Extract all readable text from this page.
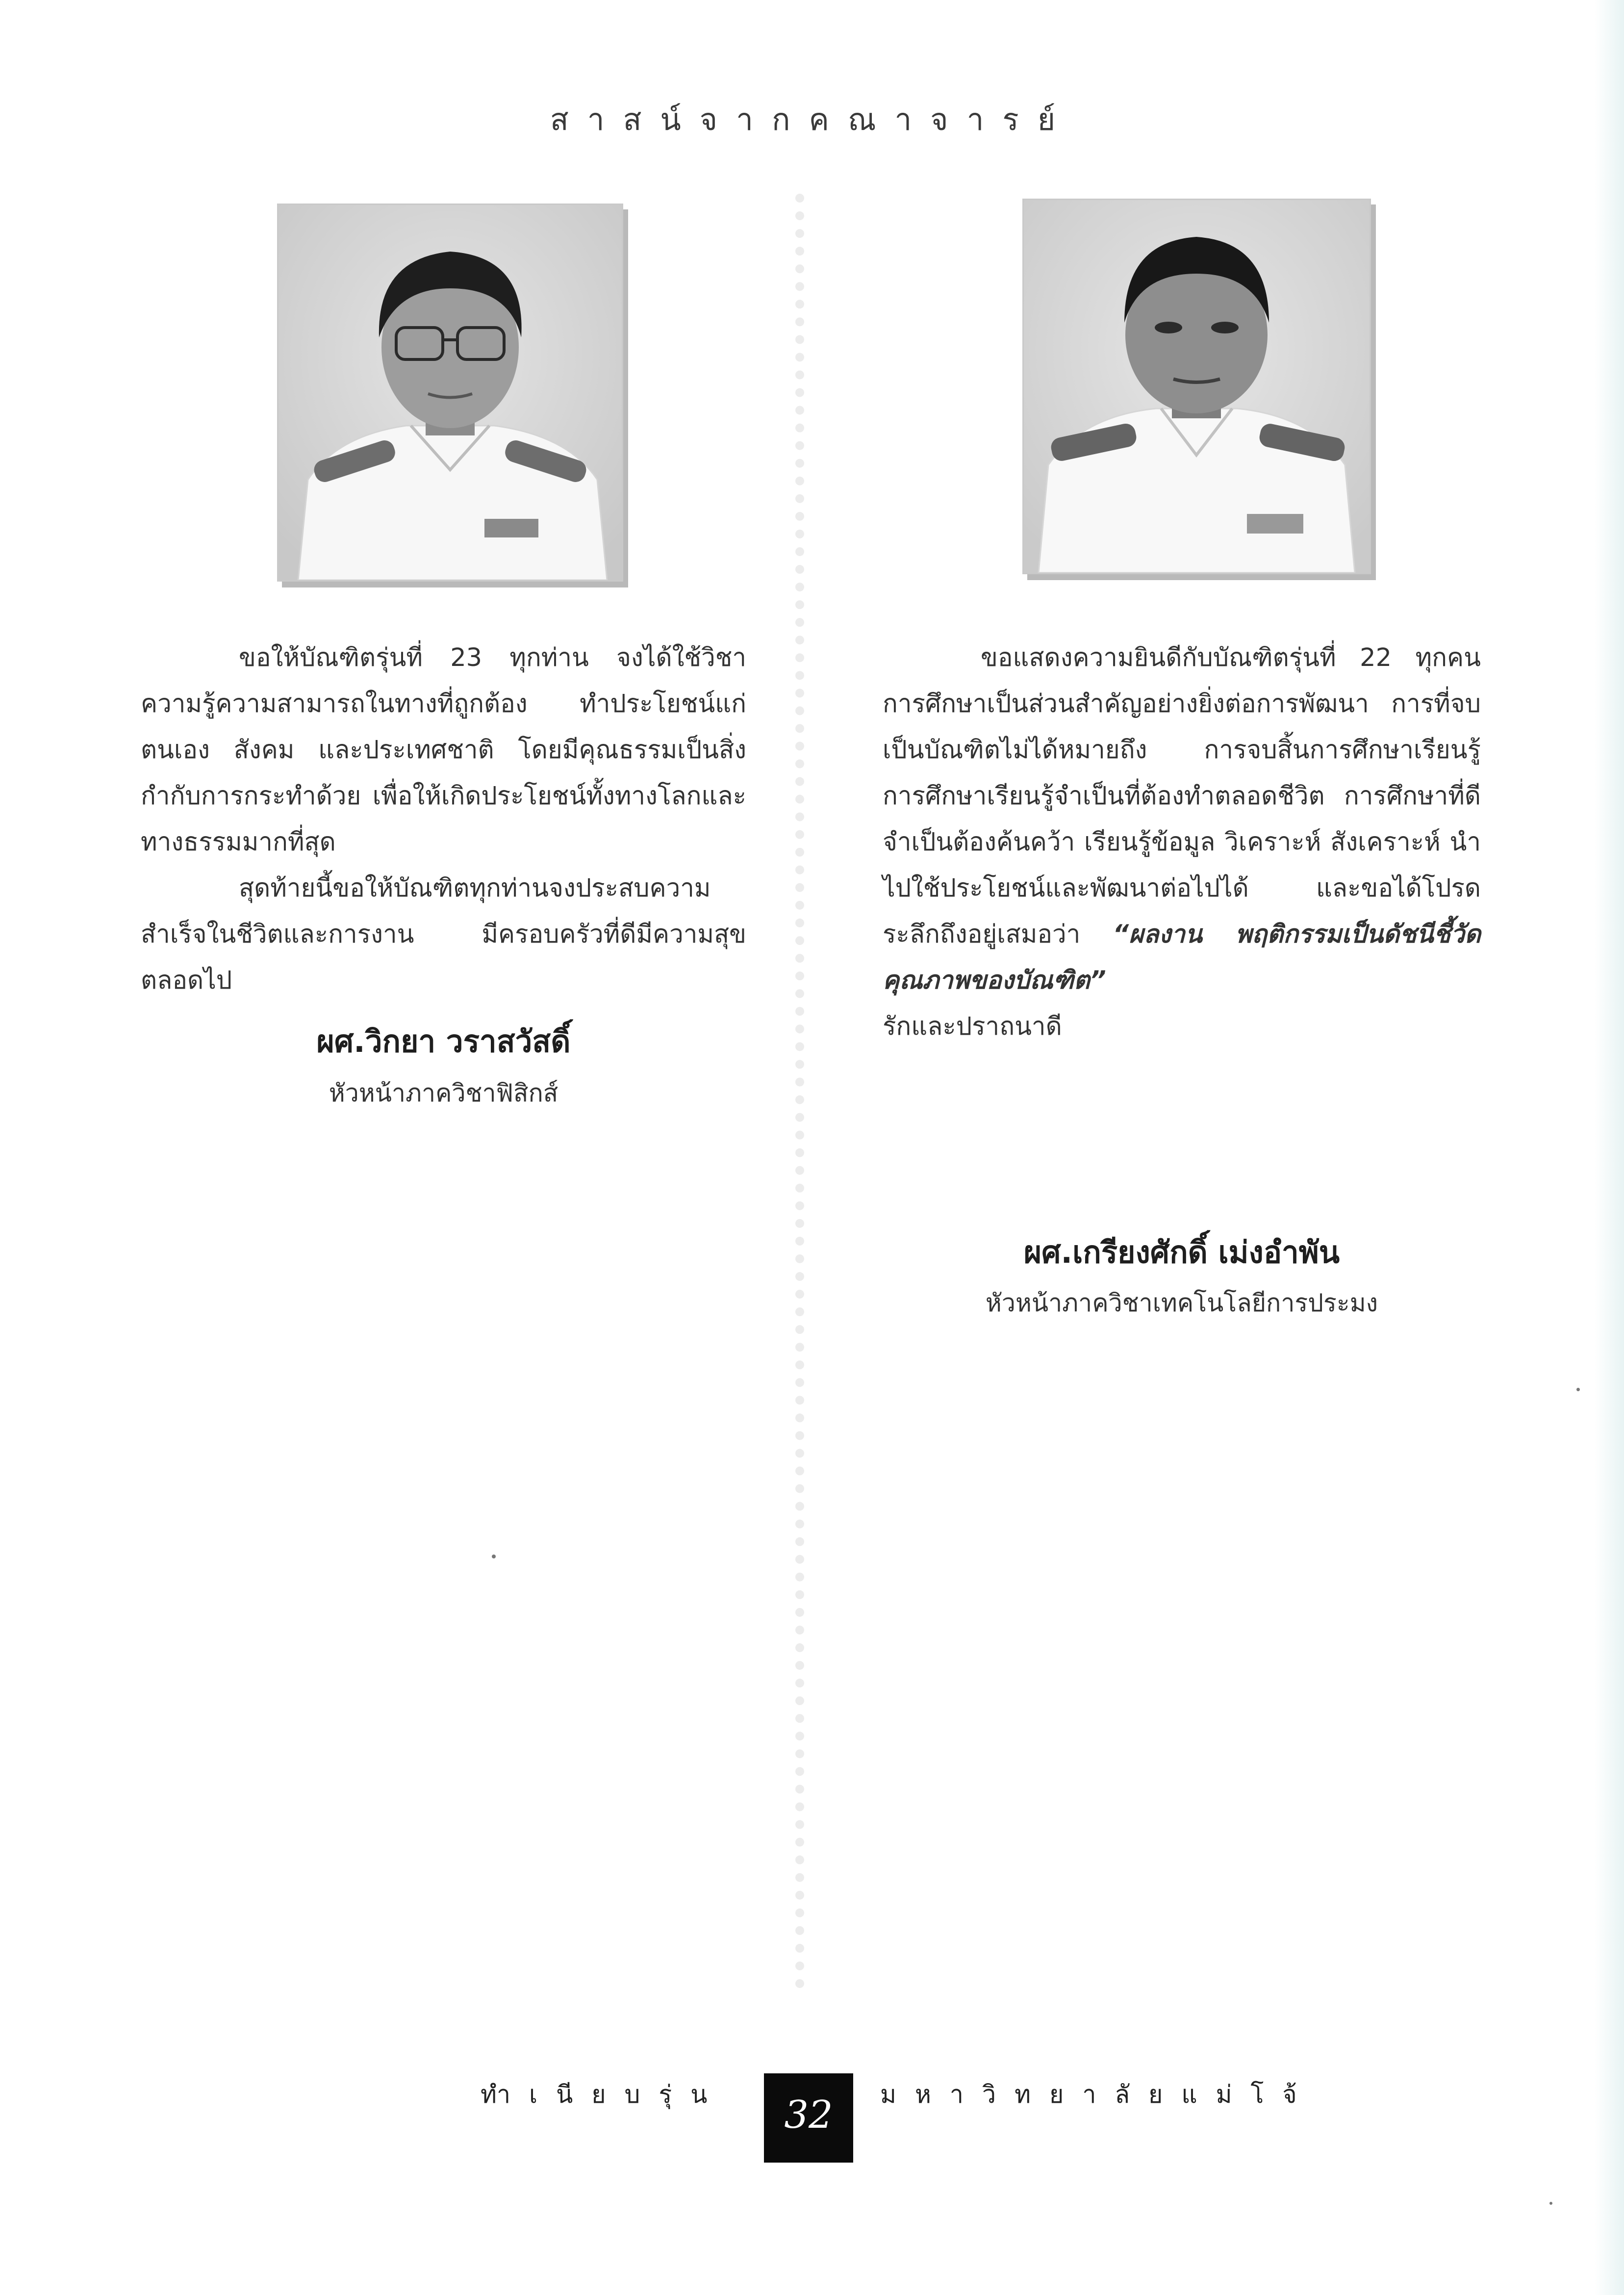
สาสน์จากคณาจารย์

ขอให้บัณฑิตรุ่นที่ 23 ทุกท่าน จงได้ใช้วิชาความรู้ความสามารถในทางที่ถูกต้อง ทำประโยชน์แก่ตนเอง สังคม และประเทศชาติ โดยมีคุณธรรมเป็นสิ่งกำกับการกระทำด้วย เพื่อให้เกิดประโยชน์ทั้งทางโลกและทางธรรมมากที่สุด

สุดท้ายนี้ขอให้บัณฑิตทุกท่านจงประสบความสำเร็จในชีวิตและการงาน มีครอบครัวที่ดีมีความสุขตลอดไป

ผศ.วิกยา วราสวัสดิ์
หัวหน้าภาควิชาฟิสิกส์

ขอแสดงความยินดีกับบัณฑิตรุ่นที่ 22 ทุกคน การศึกษาเป็นส่วนสำคัญอย่างยิ่งต่อการพัฒนา การที่จบเป็นบัณฑิตไม่ได้หมายถึง การจบสิ้นการศึกษาเรียนรู้ การศึกษาเรียนรู้จำเป็นที่ต้องทำตลอดชีวิต การศึกษาที่ดีจำเป็นต้องค้นคว้า เรียนรู้ข้อมูล วิเคราะห์ สังเคราะห์ นำไปใช้ประโยชน์และพัฒนาต่อไปได้ และขอได้โปรด ระลึกถึงอยู่เสมอว่า “ผลงาน พฤติกรรมเป็นดัชนีชี้วัดคุณภาพของบัณฑิต”

รักและปราถนาดี

ผศ.เกรียงศักดิ์ เม่งอำพัน
หัวหน้าภาควิชาเทคโนโลยีการประมง
ทำเนียบรุ่น	32	มหาวิทยาลัยแม่โจ้
